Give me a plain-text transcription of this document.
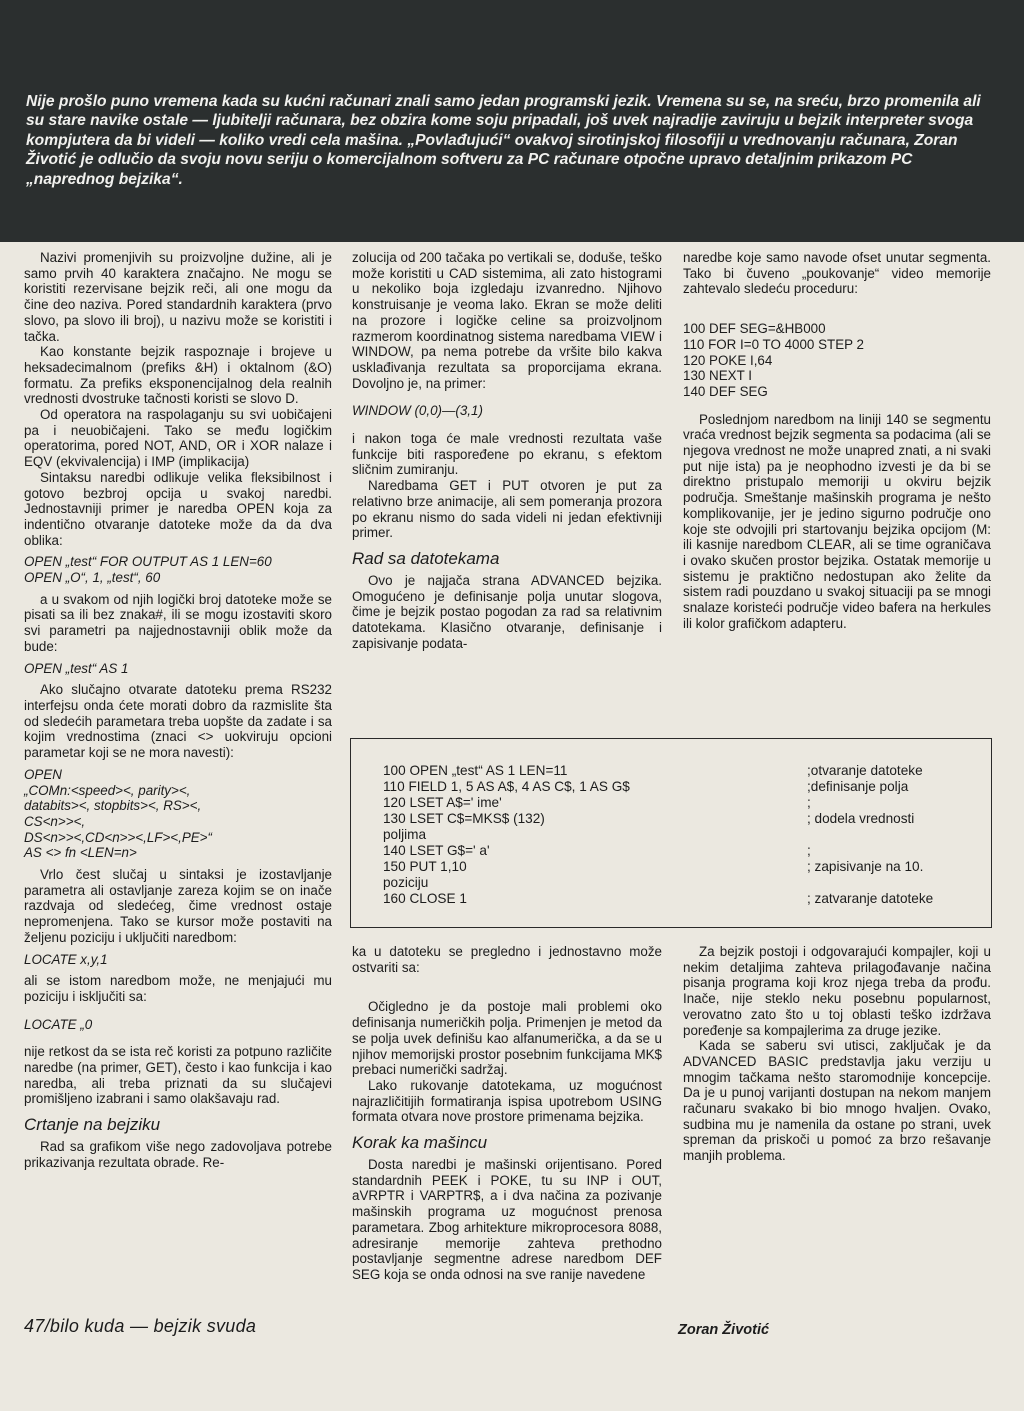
Nije prošlo puno vremena kada su kućni računari znali samo jedan programski jezik. Vremena su se, na sreću, brzo promenila ali su stare navike ostale — ljubitelji računara, bez obzira kome soju pripadali, još uvek najradije zaviruju u bejzik interpreter svoga kompjutera da bi videli — koliko vredi cela mašina. „Povlađujući“ ovakvoj sirotinjskoj filosofiji u vrednovanju računara, Zoran Životić je odlučio da svoju novu seriju o komercijalnom softveru za PC računare otpočne upravo detaljnim prikazom PC „naprednog bejzika“.

Nazivi promenjivih su proizvoljne dužine, ali je samo prvih 40 karaktera značajno. Ne mogu se koristiti rezervisane bejzik reči, ali one mogu da čine deo naziva. Pored standardnih karaktera (prvo slovo, pa slovo ili broj), u nazivu može se koristiti i tačka.

Kao konstante bejzik raspoznaje i brojeve u heksadecimalnom (prefiks &H) i oktalnom (&O) formatu. Za prefiks eksponencijalnog dela realnih vrednosti dvostruke tačnosti koristi se slovo D.

Od operatora na raspolaganju su svi uobičajeni pa i neuobičajeni. Tako se među logičkim operatorima, pored NOT, AND, OR i XOR nalaze i EQV (ekvivalencija) i IMP (implikacija)

Sintaksu naredbi odlikuje velika fleksibilnost i gotovo bezbroj opcija u svakoj naredbi. Jednostavniji primer je naredba OPEN koja za indentično otvaranje datoteke može da da dva oblika:

OPEN „test“ FOR OUTPUT AS 1 LEN=60

OPEN „O“, 1, „test“, 60

a u svakom od njih logički broj datoteke može se pisati sa ili bez znaka#, ili se mogu izostaviti skoro svi parametri pa najjednostavniji oblik može da bude:

OPEN „test“ AS 1

Ako slučajno otvarate datoteku prema RS232 interfejsu onda ćete morati dobro da razmislite šta od sledećih parametara treba uopšte da zadate i sa kojim vrednostima (znaci <> uokviruju opcioni parametar koji se ne mora navesti):

OPEN

„COMn:<speed><, parity><,

databits><, stopbits><, RS><,

CS<n>><,

DS<n>><,CD<n>><,LF><,PE>“

AS <> fn <LEN=n>

Vrlo čest slučaj u sintaksi je izostavljanje parametra ali ostavljanje zareza kojim se on inače razdvaja od sledećeg, čime vrednost ostaje nepromenjena. Tako se kursor može postaviti na željenu poziciju i uključiti naredbom:

LOCATE x,y,1

ali se istom naredbom može, ne menjajući mu poziciju i isključiti sa:

LOCATE „0

nije retkost da se ista reč koristi za potpuno različite naredbe (na primer, GET), često i kao funkcija i kao naredba, ali treba priznati da su slučajevi promišljeno izabrani i samo olakšavaju rad.

Crtanje na bejziku

Rad sa grafikom više nego zadovoljava potrebe prikazivanja rezultata obrade. Re-

zolucija od 200 tačaka po vertikali se, doduše, teško može koristiti u CAD sistemima, ali zato histogrami u nekoliko boja izgledaju izvanredno. Njihovo konstruisanje je veoma lako. Ekran se može deliti na prozore i logičke celine sa proizvoljnom razmerom koordinatnog sistema naredbama VIEW i WINDOW, pa nema potrebe da vršite bilo kakva usklađivanja rezultata sa proporcijama ekrana. Dovoljno je, na primer:

WINDOW (0,0)—(3,1)

i nakon toga će male vrednosti rezultata vaše funkcije biti raspoređene po ekranu, s efektom sličnim zumiranju.

Naredbama GET i PUT otvoren je put za relativno brze animacije, ali sem pomeranja prozora po ekranu nismo do sada videli ni jedan efektivniji primer.

Rad sa datotekama

Ovo je najjača strana ADVANCED bejzika. Omogućeno je definisanje polja unutar slogova, čime je bejzik postao pogodan za rad sa relativnim datotekama. Klasično otvaranje, definisanje i zapisivanje podata-

naredbe koje samo navode ofset unutar segmenta. Tako bi čuveno „poukovanje“ video memorije zahtevalo sledeću proceduru:

100 DEF SEG=&HB000

110 FOR I=0 TO 4000 STEP 2

120 POKE I,64

130 NEXT I

140 DEF SEG

Poslednjom naredbom na liniji 140 se segmentu vraća vrednost bejzik segmenta sa podacima (ali se njegova vrednost ne može unapred znati, a ni svaki put nije ista) pa je neophodno izvesti je da bi se direktno pristupalo memoriji u okviru bejzik područja. Smeštanje mašinskih programa je nešto komplikovanije, jer je jedino sigurno područje ono koje ste odvojili pri startovanju bejzika opcijom (M: ili kasnije naredbom CLEAR, ali se time ograničava i ovako skučen prostor bejzika. Ostatak memorije u sistemu je praktično nedostupan ako želite da sistem radi pouzdano u svakoj situaciji pa se mnogi snalaze koristeći područje video bafera na herkules ili kolor grafičkom adapteru.

100 OPEN „test“ AS 1 LEN=11	;otvaranje datoteke
110 FIELD 1, 5 AS A$, 4 AS C$, 1 AS G$	;definisanje polja
120 LSET A$=' ime'	;
130 LSET C$=MKS$ (132)	; dodela vrednosti
poljima
140 LSET G$=' a'	;
150 PUT 1,10	; zapisivanje na 10.
poziciju
160 CLOSE 1	; zatvaranje datoteke

ka u datoteku se pregledno i jednostavno može ostvariti sa:

Očigledno je da postoje mali problemi oko definisanja numeričkih polja. Primenjen je metod da se polja uvek definišu kao alfanumerička, a da se u njihov memorijski prostor posebnim funkcijama MK$ prebaci numerički sadržaj.

Lako rukovanje datotekama, uz mogućnost najrazličitijih formatiranja ispisa upotrebom USING formata otvara nove prostore primenama bejzika.

Korak ka mašincu

Dosta naredbi je mašinski orijentisano. Pored standardnih PEEK i POKE, tu su INP i OUT, aVRPTR i VARPTR$, a i dva načina za pozivanje mašinskih programa uz mogućnost prenosa parametara. Zbog arhitekture mikroprocesora 8088, adresiranje memorije zahteva prethodno postavljanje segmentne adrese naredbom DEF SEG koja se onda odnosi na sve ranije navedene

Za bejzik postoji i odgovarajući kompajler, koji u nekim detaljima zahteva prilagođavanje načina pisanja programa koji kroz njega treba da prođu. Inače, nije steklo neku posebnu popularnost, verovatno zato što u toj oblasti teško izdržava poređenje sa kompajlerima za druge jezike.

Kada se saberu svi utisci, zaključak je da ADVANCED BASIC predstavlja jaku verziju u mnogim tačkama nešto staromodnije koncepcije. Da je u punoj varijanti dostupan na nekom manjem računaru svakako bi bio mnogo hvaljen. Ovako, sudbina mu je namenila da ostane po strani, uvek spreman da priskoči u pomoć za brzo rešavanje manjih problema.

47/bilo kuda — bejzik svuda	Zoran Životić
